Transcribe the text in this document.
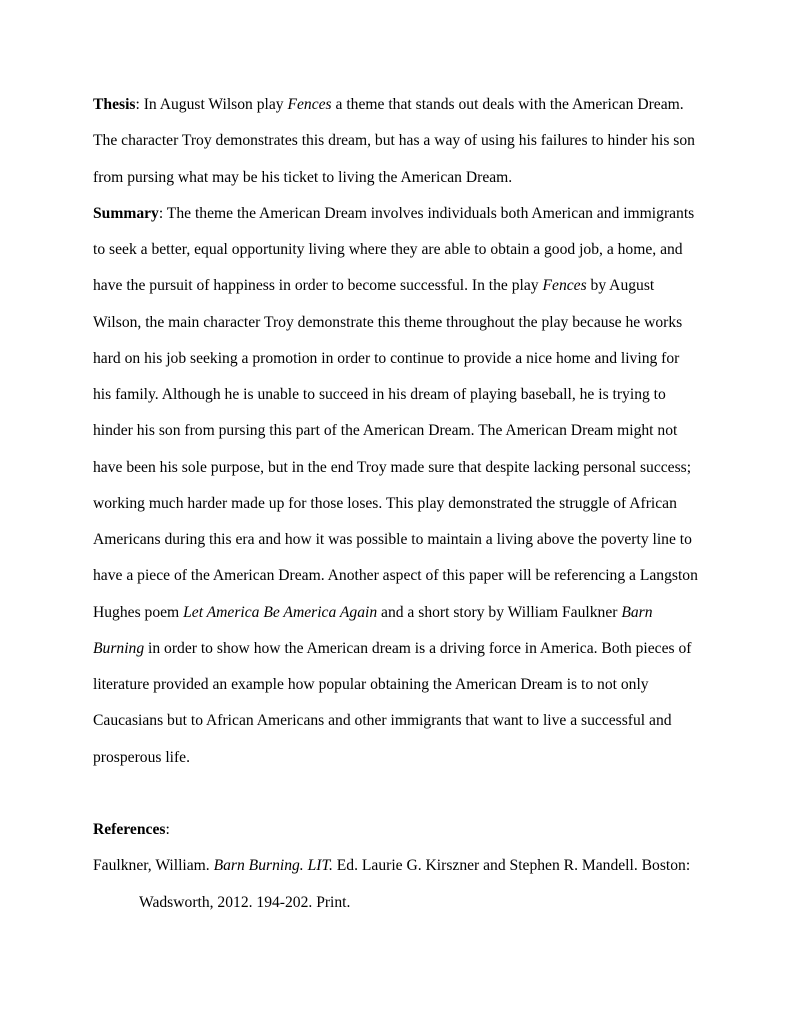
Thesis: In August Wilson play Fences a theme that stands out deals with the American Dream.
The character Troy demonstrates this dream, but has a way of using his failures to hinder his son
from pursing what may be his ticket to living the American Dream.
Summary: The theme the American Dream involves individuals both American and immigrants
to seek a better, equal opportunity living where they are able to obtain a good job, a home, and
have the pursuit of happiness in order to become successful. In the play Fences by August
Wilson, the main character Troy demonstrate this theme throughout the play because he works
hard on his job seeking a promotion in order to continue to provide a nice home and living for
his family. Although he is unable to succeed in his dream of playing baseball, he is trying to
hinder his son from pursing this part of the American Dream. The American Dream might not
have been his sole purpose, but in the end Troy made sure that despite lacking personal success;
working much harder made up for those loses. This play demonstrated the struggle of African
Americans during this era and how it was possible to maintain a living above the poverty line to
have a piece of the American Dream. Another aspect of this paper will be referencing a Langston
Hughes poem Let America Be America Again and a short story by William Faulkner Barn
Burning in order to show how the American dream is a driving force in America. Both pieces of
literature provided an example how popular obtaining the American Dream is to not only
Caucasians but to African Americans and other immigrants that want to live a successful and
prosperous life.
References:
Faulkner, William. Barn Burning. LIT. Ed. Laurie G. Kirszner and Stephen R. Mandell. Boston:
Wadsworth, 2012. 194-202. Print.
